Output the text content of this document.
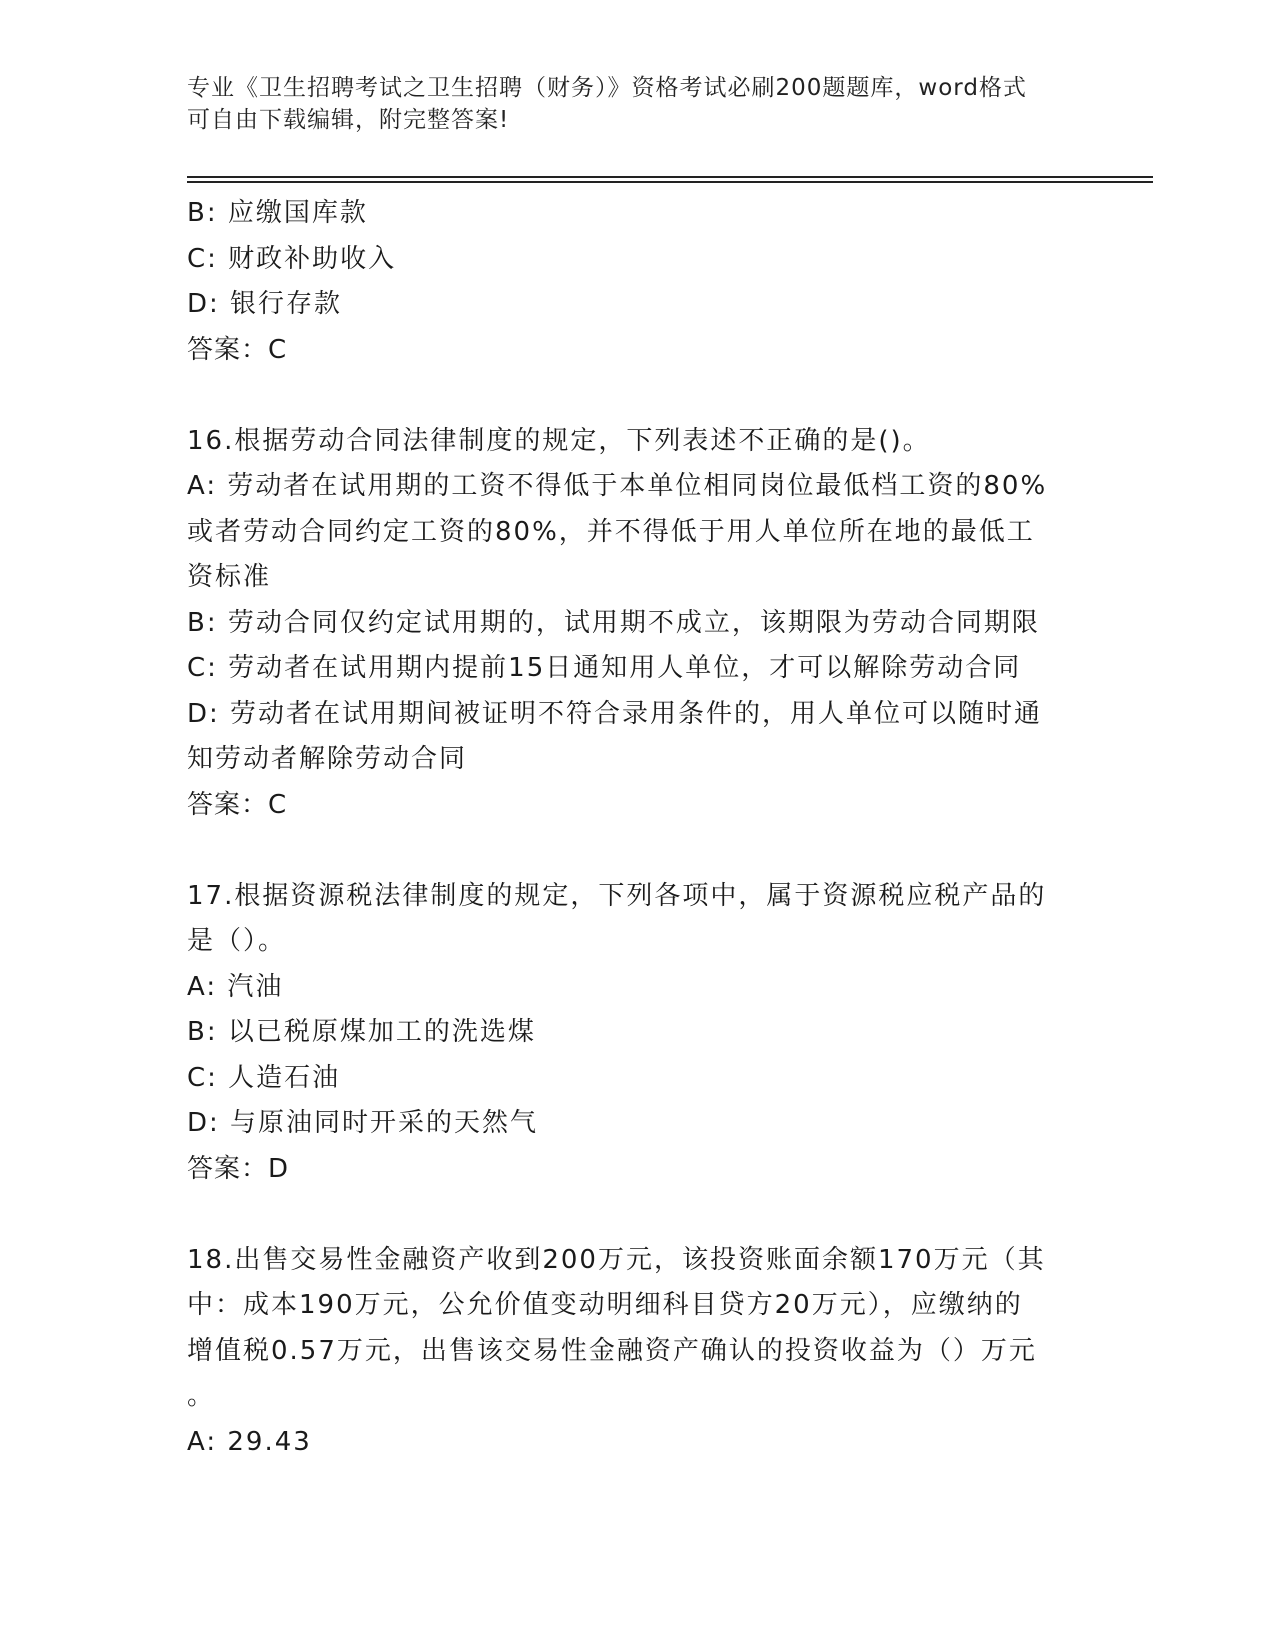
专业《卫生招聘考试之卫生招聘（财务）》资格考试必刷200题题库，word格式
可自由下载编辑，附完整答案!
B: 应缴国库款
C: 财政补助收入
D: 银行存款
答案：C
16.根据劳动合同法律制度的规定，下列表述不正确的是()。
A: 劳动者在试用期的工资不得低于本单位相同岗位最低档工资的80%
或者劳动合同约定工资的80%，并不得低于用人单位所在地的最低工
资标准
B: 劳动合同仅约定试用期的，试用期不成立，该期限为劳动合同期限
C: 劳动者在试用期内提前15日通知用人单位，才可以解除劳动合同
D: 劳动者在试用期间被证明不符合录用条件的，用人单位可以随时通
知劳动者解除劳动合同
答案：C
17.根据资源税法律制度的规定，下列各项中，属于资源税应税产品的
是（）。
A: 汽油
B: 以已税原煤加工的洗选煤
C: 人造石油
D: 与原油同时开采的天然气
答案：D
18.出售交易性金融资产收到200万元，该投资账面余额170万元（其
中：成本190万元，公允价值变动明细科目贷方20万元），应缴纳的
增值税0.57万元，出售该交易性金融资产确认的投资收益为（）万元
。
A: 29.43
